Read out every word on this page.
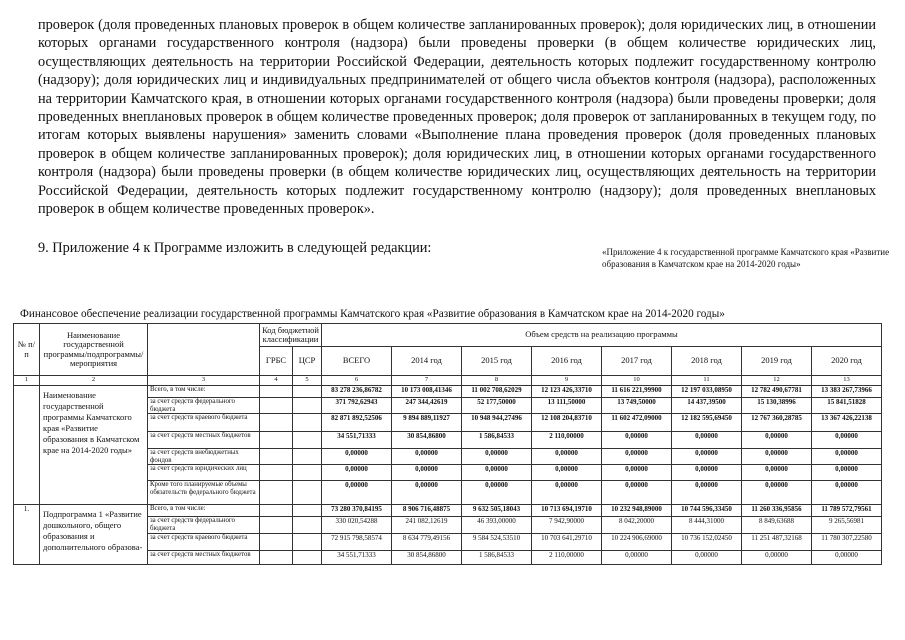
проверок (доля проведенных плановых проверок в общем количестве запланированных проверок); доля юридических лиц, в отношении которых органами государственного контроля (надзора) были проведены проверки (в общем количестве юридических лиц, осуществляющих деятельность на территории Российской Федерации, деятельность которых подлежит государственному контролю (надзору); доля юридических лиц и индивидуальных предпринимателей от общего числа объектов контроля (надзора), расположенных на территории Камчатского края, в отношении которых органами государственного контроля (надзора) были проведены проверки; доля проведенных внеплановых проверок в общем количестве проведенных проверок; доля проверок от запланированных в текущем году, по итогам которых выявлены нарушения» заменить словами «Выполнение плана проведения проверок (доля проведенных плановых проверок в общем количестве запланированных проверок); доля юридических лиц, в отношении которых органами государственного контроля (надзора) были проведены проверки (в общем количестве юридических лиц, осуществляющих деятельность на территории Российской Федерации, деятельность которых подлежит государственному контролю (надзору); доля проведенных внеплановых проверок в общем количестве проведенных проверок».

9. Приложение 4 к Программе изложить в следующей редакции:	«Приложение 4 к государственной программе Камчатского края «Развитие образования в Камчатском крае на 2014-2020 годы»

Финансовое обеспечение реализации государственной программы Камчатского края «Развитие образования в Камчатском крае на 2014-2020 годы»

№ п/п	Наименование государственной программы/подпрограммы/ мероприятия		Код бюджетной классификации		Объем средств на реализацию программы							
			ГРБС	ЦСР	ВСЕГО	2014 год	2015 год	2016 год	2017 год	2018 год	2019 год	2020 год
1	2	3	4	5	6	7	8	9	10	11	12	13
	Наименование государственной программы Камчатского края «Развитие образования в Камчатском крае на 2014-2020 годы»	Всего, в том числе:			83 278 236,86782	10 173 008,41346	11 002 708,62029	12 123 426,33710	11 616 221,99900	12 197 033,08950	12 782 490,67781	13 383 267,73966
		за счет средств федерального бюджета			371 792,62943	247 344,42619	52 177,50000	13 111,50000	13 749,50000	14 437,39500	15 130,38996	15 841,51828
		за счет средств краевого бюджета			82 871 892,52506	9 894 889,11927	10 948 944,27496	12 108 204,83710	11 602 472,09000	12 182 595,69450	12 767 360,28785	13 367 426,22138
		за счет средств местных бюджетов			34 551,71333	30 854,86800	1 586,84533	2 110,00000	0,00000	0,00000	0,00000	0,00000
		за счет средств внебюджетных фондов			0,00000	0,00000	0,00000	0,00000	0,00000	0,00000	0,00000	0,00000
		за счет средств юридических лиц			0,00000	0,00000	0,00000	0,00000	0,00000	0,00000	0,00000	0,00000
		Кроме того планируемые объемы обязательств федерального бюджета			0,00000	0,00000	0,00000	0,00000	0,00000	0,00000	0,00000	0,00000
1.	Подпрограмма 1 «Развитие дошкольного, общего образования и дополнительного образова-	Всего, в том числе:			73 280 370,84195	8 906 716,48875	9 632 505,18043	10 713 694,19710	10 232 948,89000	10 744 596,33450	11 260 336,95856	11 789 572,79561
		за счет средств федерального бюджета			330 020,54288	241 082,12619	46 393,00000	7 942,90000	8 042,20000	8 444,31000	8 849,63688	9 265,56981
		за счет средств краевого бюджета			72 915 798,58574	8 634 779,49156	9 584 524,53510	10 703 641,29710	10 224 906,69000	10 736 152,02450	11 251 487,32168	11 780 307,22580
		за счет средств местных бюджетов			34 551,71333	30 854,86800	1 586,84533	2 110,00000	0,00000	0,00000	0,00000	0,00000
